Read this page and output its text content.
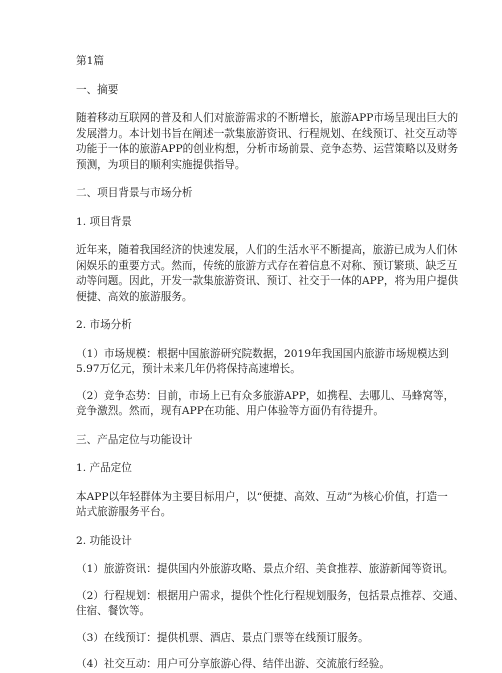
第1篇
一、摘要
随着移动互联网的普及和人们对旅游需求的不断增长，旅游APP市场呈现出巨大的
发展潜力。本计划书旨在阐述一款集旅游资讯、行程规划、在线预订、社交互动等
功能于一体的旅游APP的创业构想，分析市场前景、竞争态势、运营策略以及财务
预测，为项目的顺利实施提供指导。
二、项目背景与市场分析
1. 项目背景
近年来，随着我国经济的快速发展，人们的生活水平不断提高，旅游已成为人们休
闲娱乐的重要方式。然而，传统的旅游方式存在着信息不对称、预订繁琐、缺乏互
动等问题。因此，开发一款集旅游资讯、预订、社交于一体的APP，将为用户提供
便捷、高效的旅游服务。
2. 市场分析
（1）市场规模：根据中国旅游研究院数据，2019年我国国内旅游市场规模达到
5.97万亿元，预计未来几年仍将保持高速增长。
（2）竞争态势：目前，市场上已有众多旅游APP，如携程、去哪儿、马蜂窝等，
竞争激烈。然而，现有APP在功能、用户体验等方面仍有待提升。
三、产品定位与功能设计
1. 产品定位
本APP以年轻群体为主要目标用户，以“便捷、高效、互动”为核心价值，打造一
站式旅游服务平台。
2. 功能设计
（1）旅游资讯：提供国内外旅游攻略、景点介绍、美食推荐、旅游新闻等资讯。
（2）行程规划：根据用户需求，提供个性化行程规划服务，包括景点推荐、交通、
住宿、餐饮等。
（3）在线预订：提供机票、酒店、景点门票等在线预订服务。
（4）社交互动：用户可分享旅游心得、结伴出游、交流旅行经验。
